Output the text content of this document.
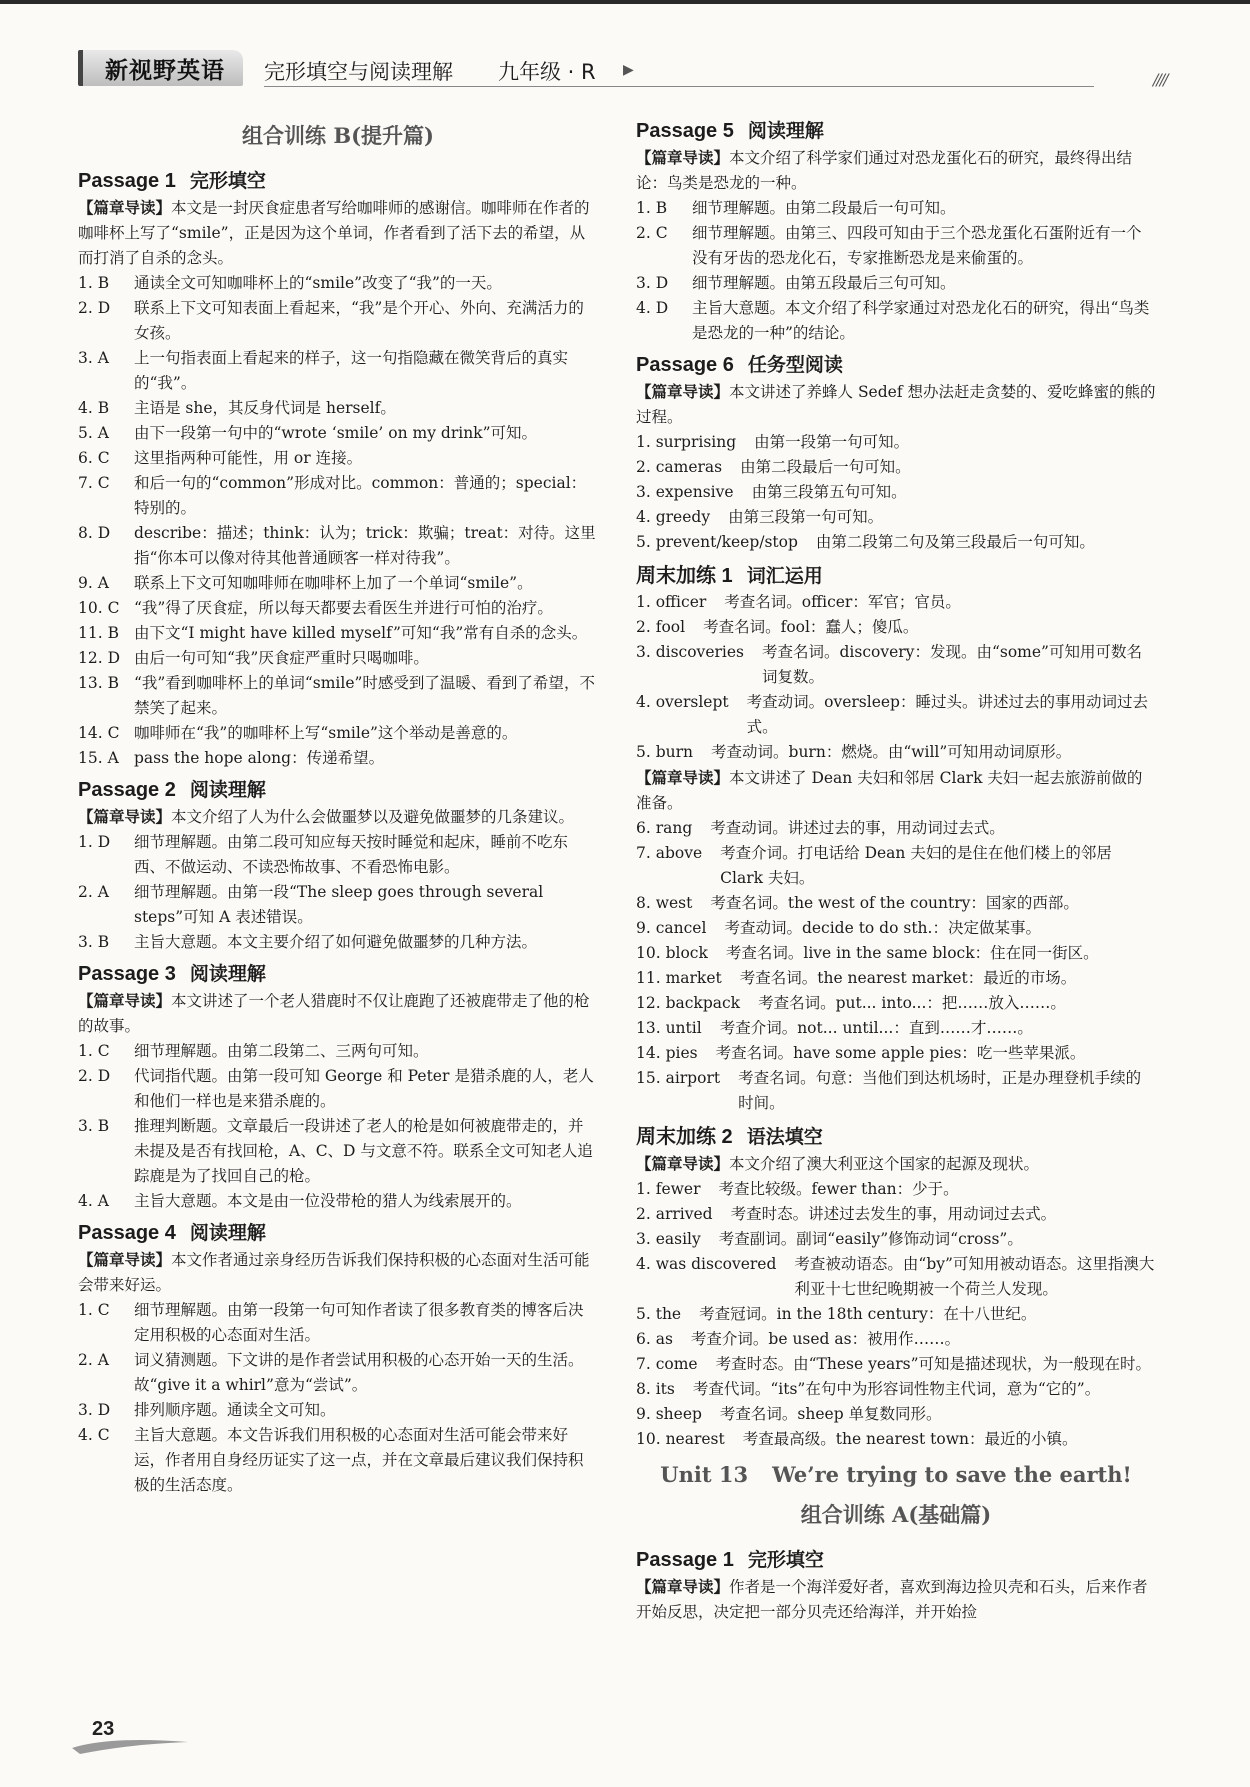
新视野英语	完形填空与阅读理解 九年级 · R ▶	////
组合训练 B(提升篇)
Passage 1 完形填空
【篇章导读】本文是一封厌食症患者写给咖啡师的感谢信。咖啡师在作者的咖啡杯上写了“smile”，正是因为这个单词，作者看到了活下去的希望，从而打消了自杀的念头。
1. B	通读全文可知咖啡杯上的“smile”改变了“我”的一天。
2. D	联系上下文可知表面上看起来，“我”是个开心、外向、充满活力的女孩。
3. A	上一句指表面上看起来的样子，这一句指隐藏在微笑背后的真实的“我”。
4. B	主语是 she，其反身代词是 herself。
5. A	由下一段第一句中的“wrote ‘smile’ on my drink”可知。
6. C	这里指两种可能性，用 or 连接。
7. C	和后一句的“common”形成对比。common：普通的；special：特别的。
8. D	describe：描述；think：认为；trick：欺骗；treat：对待。这里指“你本可以像对待其他普通顾客一样对待我”。
9. A	联系上下文可知咖啡师在咖啡杯上加了一个单词“smile”。
10. C “我”得了厌食症，所以每天都要去看医生并进行可怕的治疗。
11. B 由下文“I might have killed myself”可知“我”常有自杀的念头。
12. D 由后一句可知“我”厌食症严重时只喝咖啡。
13. B “我”看到咖啡杯上的单词“smile”时感受到了温暖、看到了希望，不禁笑了起来。
14. C 咖啡师在“我”的咖啡杯上写“smile”这个举动是善意的。
15. A pass the hope along：传递希望。
Passage 2 阅读理解
【篇章导读】本文介绍了人为什么会做噩梦以及避免做噩梦的几条建议。
1. D	细节理解题。由第二段可知应每天按时睡觉和起床，睡前不吃东西、不做运动、不读恐怖故事、不看恐怖电影。
2. A	细节理解题。由第一段“The sleep goes through several steps”可知 A 表述错误。
3. B	主旨大意题。本文主要介绍了如何避免做噩梦的几种方法。
Passage 3 阅读理解
【篇章导读】本文讲述了一个老人猎鹿时不仅让鹿跑了还被鹿带走了他的枪的故事。
1. C	细节理解题。由第二段第二、三两句可知。
2. D	代词指代题。由第一段可知 George 和 Peter 是猎杀鹿的人，老人和他们一样也是来猎杀鹿的。
3. B	推理判断题。文章最后一段讲述了老人的枪是如何被鹿带走的，并未提及是否有找回枪，A、C、D 与文意不符。联系全文可知老人追踪鹿是为了找回自己的枪。
4. A	主旨大意题。本文是由一位没带枪的猎人为线索展开的。
Passage 4 阅读理解
【篇章导读】本文作者通过亲身经历告诉我们保持积极的心态面对生活可能会带来好运。
1. C	细节理解题。由第一段第一句可知作者读了很多教育类的博客后决定用积极的心态面对生活。
2. A	词义猜测题。下文讲的是作者尝试用积极的心态开始一天的生活。故“give it a whirl”意为“尝试”。
3. D	排列顺序题。通读全文可知。
4. C	主旨大意题。本文告诉我们用积极的心态面对生活可能会带来好运，作者用自身经历证实了这一点，并在文章最后建议我们保持积极的生活态度。
Passage 5 阅读理解
【篇章导读】本文介绍了科学家们通过对恐龙蛋化石的研究，最终得出结论：鸟类是恐龙的一种。
1. B	细节理解题。由第二段最后一句可知。
2. C	细节理解题。由第三、四段可知由于三个恐龙蛋化石蛋附近有一个没有牙齿的恐龙化石，专家推断恐龙是来偷蛋的。
3. D	细节理解题。由第五段最后三句可知。
4. D	主旨大意题。本文介绍了科学家通过对恐龙化石的研究，得出“鸟类是恐龙的一种”的结论。
Passage 6 任务型阅读
【篇章导读】本文讲述了养蜂人 Sedef 想办法赶走贪婪的、爱吃蜂蜜的熊的过程。
1. surprising 由第一段第一句可知。
2. cameras 由第二段最后一句可知。
3. expensive 由第三段第五句可知。
4. greedy 由第三段第一句可知。
5. prevent/keep/stop 由第二段第二句及第三段最后一句可知。
周末加练 1 词汇运用
1. officer 考查名词。officer：军官；官员。
2. fool 考查名词。fool：蠢人；傻瓜。
3. discoveries 考查名词。discovery：发现。由“some”可知用可数名词复数。
4. overslept 考查动词。oversleep：睡过头。讲述过去的事用动词过去式。
5. burn 考查动词。burn：燃烧。由“will”可知用动词原形。
【篇章导读】本文讲述了 Dean 夫妇和邻居 Clark 夫妇一起去旅游前做的准备。
6. rang 考查动词。讲述过去的事，用动词过去式。
7. above 考查介词。打电话给 Dean 夫妇的是住在他们楼上的邻居 Clark 夫妇。
8. west 考查名词。the west of the country：国家的西部。
9. cancel 考查动词。decide to do sth.：决定做某事。
10. block 考查名词。live in the same block：住在同一街区。
11. market 考查名词。the nearest market：最近的市场。
12. backpack 考查名词。put... into...：把……放入……。
13. until 考查介词。not... until...：直到……才……。
14. pies 考查名词。have some apple pies：吃一些苹果派。
15. airport 考查名词。句意：当他们到达机场时，正是办理登机手续的时间。
周末加练 2 语法填空
【篇章导读】本文介绍了澳大利亚这个国家的起源及现状。
1. fewer 考查比较级。fewer than：少于。
2. arrived 考查时态。讲述过去发生的事，用动词过去式。
3. easily 考查副词。副词“easily”修饰动词“cross”。
4. was discovered 考查被动语态。由“by”可知用被动语态。这里指澳大利亚十七世纪晚期被一个荷兰人发现。
5. the 考查冠词。in the 18th century：在十八世纪。
6. as 考查介词。be used as：被用作……。
7. come 考查时态。由“These years”可知是描述现状，为一般现在时。
8. its 考查代词。“its”在句中为形容词性物主代词，意为“它的”。
9. sheep 考查名词。sheep 单复数同形。
10. nearest 考查最高级。the nearest town：最近的小镇。
Unit 13 We’re trying to save the earth!
组合训练 A(基础篇)
Passage 1 完形填空
【篇章导读】作者是一个海洋爱好者，喜欢到海边捡贝壳和石头，后来作者开始反思，决定把一部分贝壳还给海洋，并开始捡
23
